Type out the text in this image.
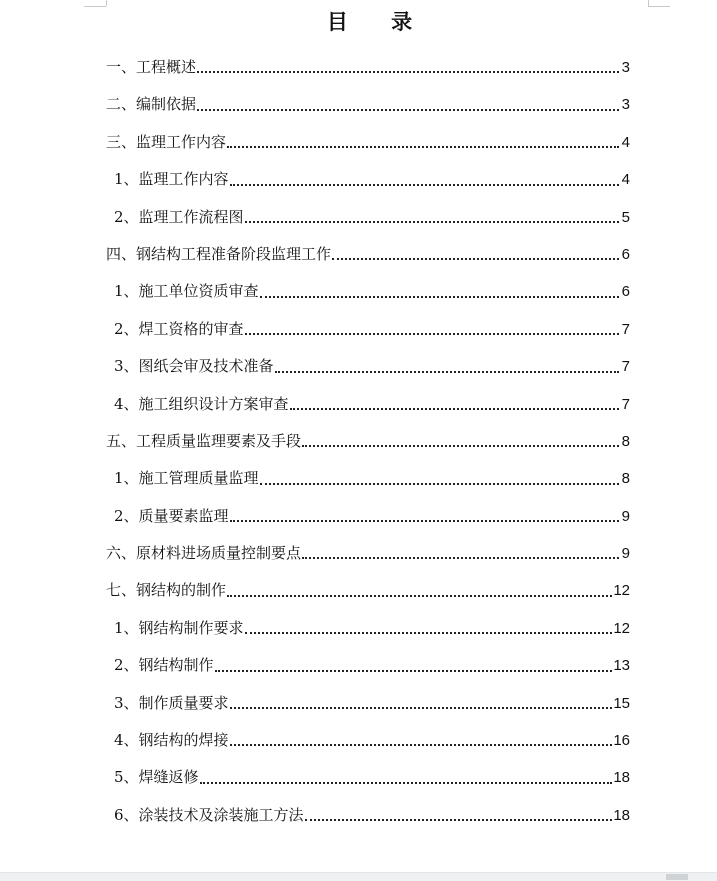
目 录
一、工程概述	3
二、编制依据	3
三、监理工作内容	4
1、监理工作内容	4
2、监理工作流程图	5
四、钢结构工程准备阶段监理工作	6
1、施工单位资质审查	6
2、焊工资格的审查	7
3、图纸会审及技术准备	7
4、施工组织设计方案审查	7
五、工程质量监理要素及手段	8
1、施工管理质量监理	8
2、质量要素监理	9
六、原材料进场质量控制要点	9
七、钢结构的制作	12
1、钢结构制作要求	12
2、钢结构制作	13
3、制作质量要求	15
4、钢结构的焊接	16
5、焊缝返修	18
6、涂装技术及涂装施工方法	18
